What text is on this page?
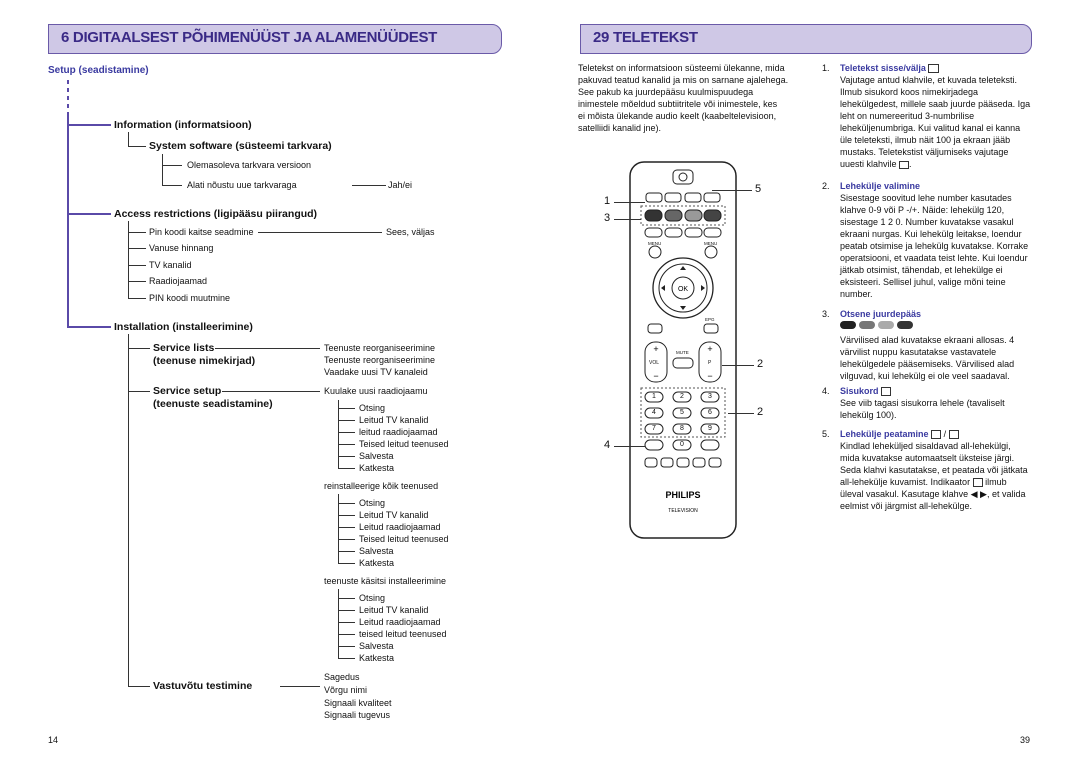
6 DIGITAALSEST PÕHIMENÜÜST JA ALAMENÜÜDEST
Setup (seadistamine)
Information (informatsioon)
System software (süsteemi tarkvara)
Olemasoleva tarkvara versioon
Alati nõustu uue tarkvaraga	Jah/ei
Access restrictions (ligipääsu piirangud)
Pin koodi kaitse seadmine	Sees, väljas
Vanuse hinnang
TV kanalid
Raadiojaamad
PIN koodi muutmine
Installation (installeerimine)
Service lists
(teenuse nimekirjad)
Teenuste reorganiseerimine
Teenuste reorganiseerimine
Vaadake uusi TV kanaleid
Service setup
(teenuste seadistamine)
Kuulake uusi raadiojaamu
Otsing
Leitud TV kanalid
leitud raadiojaamad
Teised leitud teenused
Salvesta
Katkesta
reinstalleerige kõik teenused
Otsing
Leitud TV kanalid
Leitud raadiojaamad
Teised leitud teenused
Salvesta
Katkesta
teenuste käsitsi installeerimine
Otsing
Leitud TV kanalid
Leitud raadiojaamad
teised leitud teenused
Salvesta
Katkesta
Vastuvõtu testimine
Sagedus
Võrgu nimi
Signaali kvaliteet
Signaali tugevus
14
29 TELETEKST
Teletekst on informatsioon süsteemi ülekanne, mida
pakuvad teatud kanalid ja mis on sarnane ajalehega.
See pakub ka juurdepääsu kuulmispuudega
inimestele mõeldud subtiitritele või inimestele, kes
ei mõista ülekande audio keelt (kaabeltelevisioon,
satelliidi kanalid jne).
OK
+
−
+
−
PHILIPS
TELEVISION
1	2	3
4	5	6
7	8	9
0
VOL	P
MUTE
MENU	MENU
EPG
1
3
4
5
2
2
1. Teletekst sisse/välja
Vajutage antud klahvile, et kuvada teleteksti.
Ilmub sisukord koos nimekirjadega
lehekülgedest, millele saab juurde pääseda. Iga
leht on numereeritud 3-numbrilise
leheküljenumbriga. Kui valitud kanal ei kanna
üle teleteksti, ilmub näit 100 ja ekraan jääb
mustaks. Teletekstist väljumiseks vajutage
uuesti klahvile .
2. Lehekülje valimine
Sisestage soovitud lehe number kasutades
klahve 0-9 või P -/+. Näide: lehekülg 120,
sisestage 1 2 0. Number kuvatakse vasakul
ekraani nurgas. Kui lehekülg leitakse, loendur
peatab otsimise ja lehekülg kuvatakse. Korrake
operatsiooni, et vaadata teist lehte. Kui loendur
jätkab otsimist, tähendab, et lehekülge ei
eksisteeri. Sellisel juhul, valige mõni teine
number.
3. Otsene juurdepääs
Värvilised alad kuvatakse ekraani allosas. 4
värvilist nuppu kasutatakse vastavatele
lehekülgedele pääsemiseks. Värvilised alad
vilguvad, kui lehekülg ei ole veel saadaval.
4. Sisukord
See viib tagasi sisukorra lehele (tavaliselt
lehekülg 100).
5. Lehekülje peatamine  /
Kindlad leheküljed sisaldavad all-lehekülgi,
mida kuvatakse automaatselt üksteise järgi.
Seda klahvi kasutatakse, et peatada või jätkata
all-lehekülje kuvamist. Indikaator ilmub
üleval vasakul. Kasutage klahve ◀ ▶, et valida
eelmist või järgmist all-lehekülge.
39
